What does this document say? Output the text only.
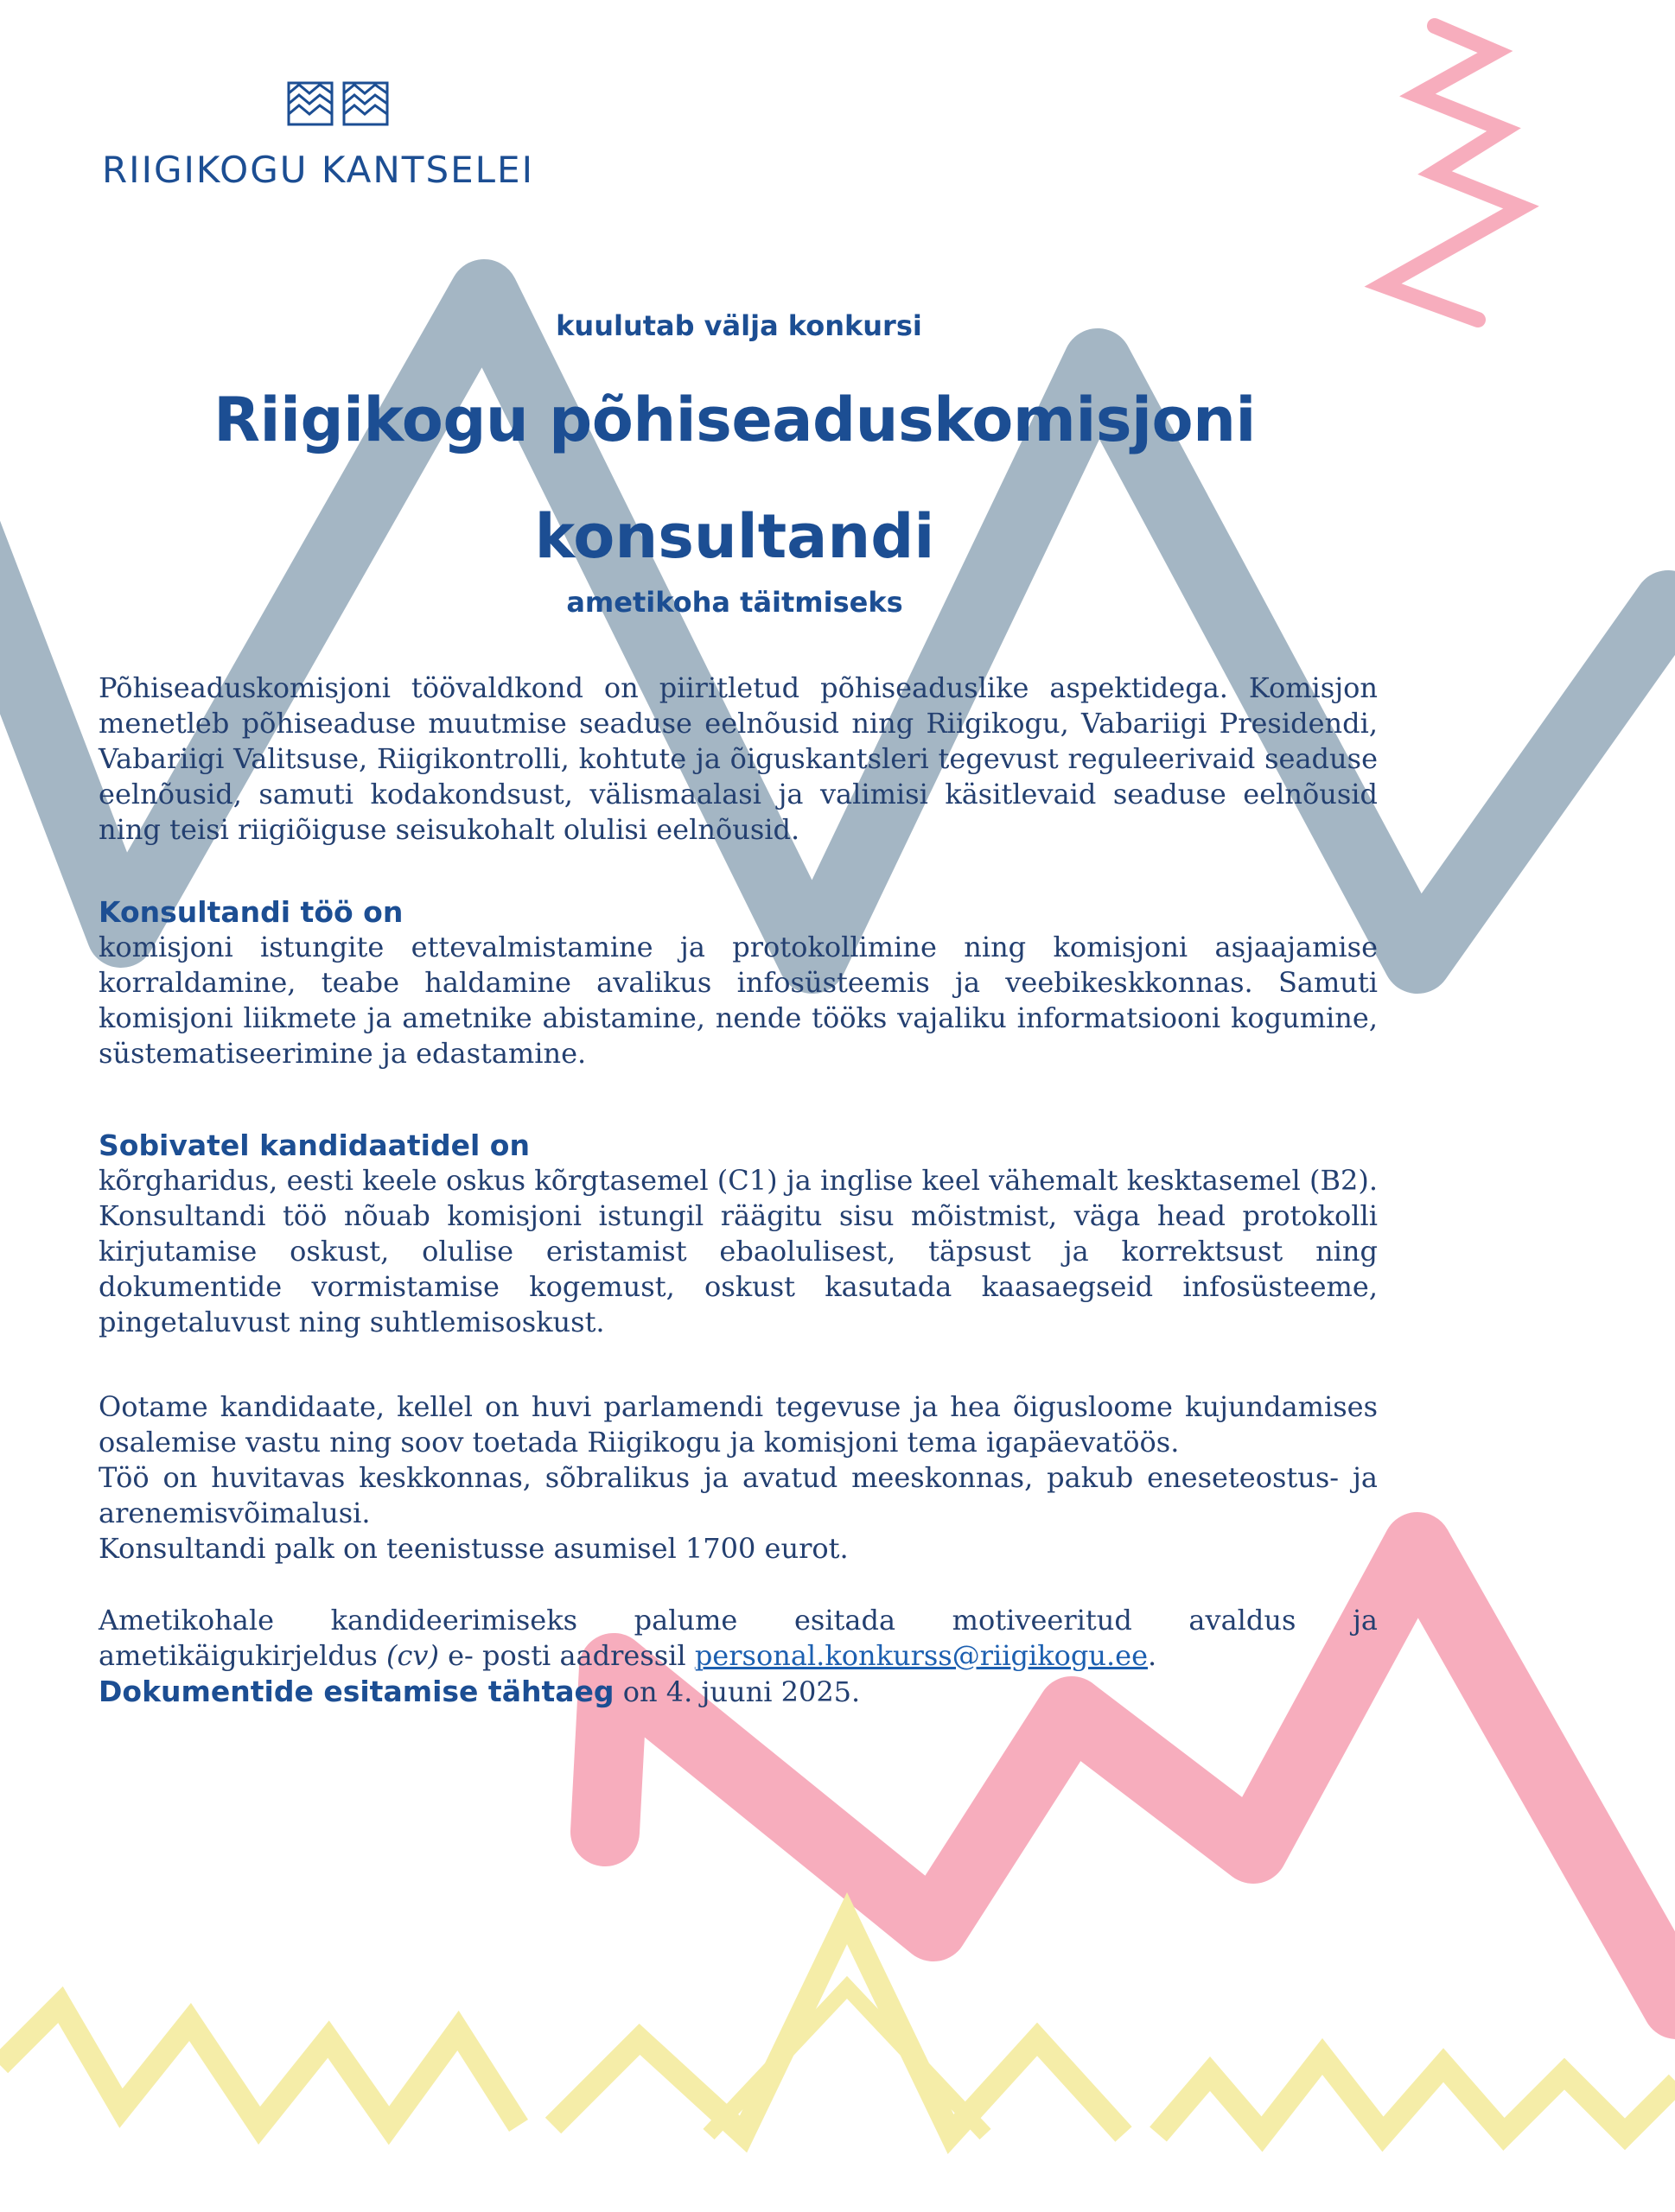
RIIGIKOGU KANTSELEI
kuulutab välja konkursi
Riigikogu põhiseaduskomisjoni
konsultandi
ametikoha täitmiseks

Põhiseaduskomisjoni töövaldkond on piiritletud põhiseaduslike aspektidega. Komisjon menetleb põhiseaduse muutmise seaduse eelnõusid ning Riigikogu, Vabariigi Presidendi, Vabariigi Valitsuse, Riigikontrolli, kohtute ja õiguskantsleri tegevust reguleerivaid seaduse eelnõusid, samuti kodakondsust, välismaalasi ja valimisi käsitlevaid seaduse eelnõusid ning teisi riigiõiguse seisukohalt olulisi eelnõusid.

Konsultandi töö on

komisjoni istungite ettevalmistamine ja protokollimine ning komisjoni asjaajamise korraldamine, teabe haldamine avalikus infosüsteemis ja veebikeskkonnas. Samuti komisjoni liikmete ja ametnike abistamine, nende tööks vajaliku informatsiooni kogumine, süstematiseerimine ja edastamine.

Sobivatel kandidaatidel on

kõrgharidus, eesti keele oskus kõrgtasemel (C1) ja inglise keel vähemalt kesktasemel (B2). Konsultandi töö nõuab komisjoni istungil räägitu sisu mõistmist, väga head protokolli kirjutamise oskust, olulise eristamist ebaolulisest, täpsust ja korrektsust ning dokumentide vormistamise kogemust, oskust kasutada kaasaegseid infosüsteeme, pingetaluvust ning suhtlemisoskust.

Ootame kandidaate, kellel on huvi parlamendi tegevuse ja hea õigusloome kujundamises osalemise vastu ning soov toetada Riigikogu ja komisjoni tema igapäevatöös.

Töö on huvitavas keskkonnas, sõbralikus ja avatud meeskonnas, pakub eneseteostus- ja arenemisvõimalusi.

Konsultandi palk on teenistusse asumisel 1700 eurot.

Ametikohale kandideerimiseks palume esitada motiveeritud avaldus ja ametikäigukirjeldus (cv) e- posti aadressil personal.konkurss@riigikogu.ee.

Dokumentide esitamise tähtaeg on 4. juuni 2025.
